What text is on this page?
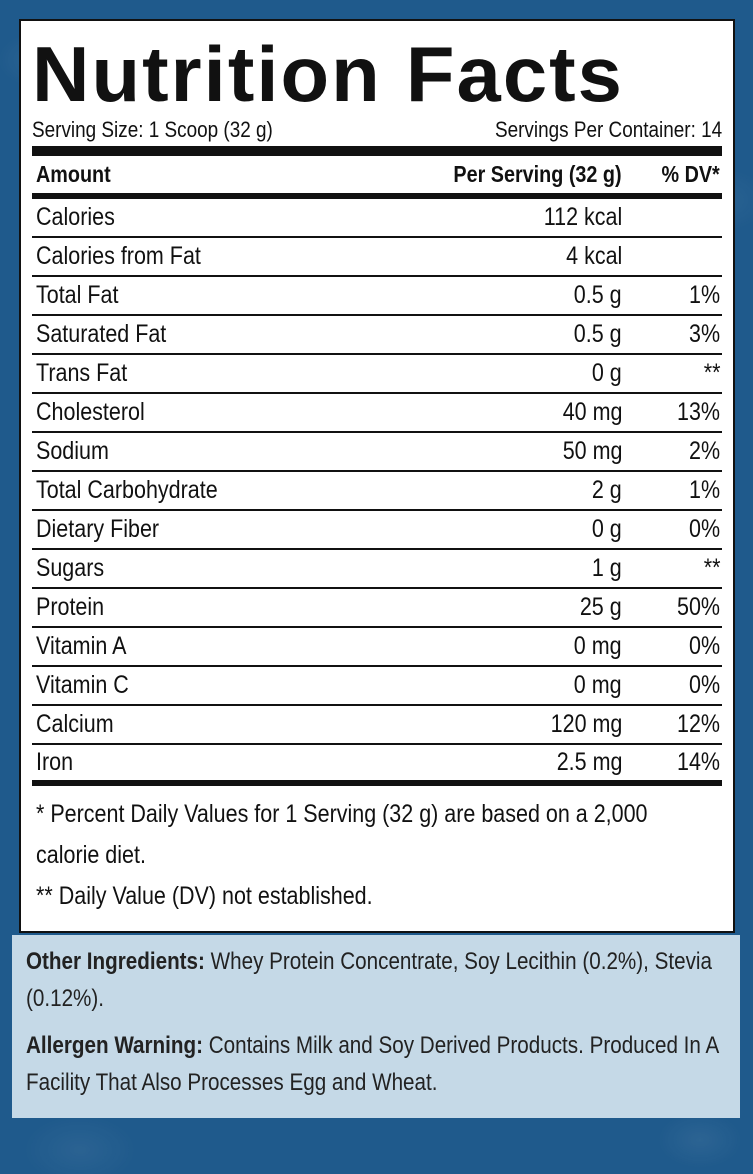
Nutrition Facts
Serving Size: 1 Scoop (32 g)	Servings Per Container: 14
Amount	Per Serving (32 g)	% DV*
Calories	112 kcal
Calories from Fat	4 kcal
Total Fat	0.5 g	1%
Saturated Fat	0.5 g	3%
Trans Fat	0 g	**
Cholesterol	40 mg	13%
Sodium	50 mg	2%
Total Carbohydrate	2 g	1%
Dietary Fiber	0 g	0%
Sugars	1 g	**
Protein	25 g	50%
Vitamin A	0 mg	0%
Vitamin C	0 mg	0%
Calcium	120 mg	12%
Iron	2.5 mg	14%

* Percent Daily Values for 1 Serving (32 g) are based on a 2,000 calorie diet.

** Daily Value (DV) not established.

Other Ingredients: Whey Protein Concentrate, Soy Lecithin (0.2%), Stevia (0.12%).

Allergen Warning: Contains Milk and Soy Derived Products. Produced In A Facility That Also Processes Egg and Wheat.
